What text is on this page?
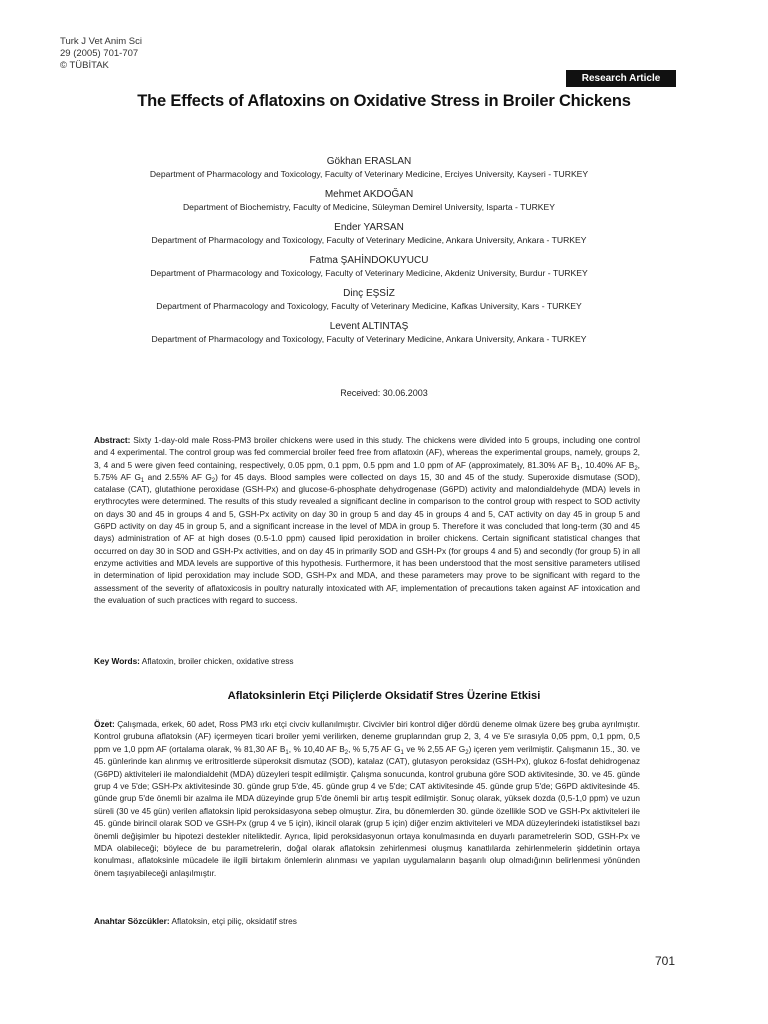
Turk J Vet Anim Sci
29 (2005) 701-707
© TÜBİTAK
Research Article
The Effects of Aflatoxins on Oxidative Stress in Broiler Chickens
Gökhan ERASLAN
Department of Pharmacology and Toxicology, Faculty of Veterinary Medicine, Erciyes University, Kayseri - TURKEY
Mehmet AKDOĞAN
Department of Biochemistry, Faculty of Medicine, Süleyman Demirel University, Isparta - TURKEY
Ender YARSAN
Department of Pharmacology and Toxicology, Faculty of Veterinary Medicine, Ankara University, Ankara - TURKEY
Fatma ŞAHİNDOKUYUCU
Department of Pharmacology and Toxicology, Faculty of Veterinary Medicine, Akdeniz University, Burdur - TURKEY
Dinç EŞSİZ
Department of Pharmacology and Toxicology, Faculty of Veterinary Medicine, Kafkas University, Kars - TURKEY
Levent ALTINTAŞ
Department of Pharmacology and Toxicology, Faculty of Veterinary Medicine, Ankara University, Ankara - TURKEY
Received: 30.06.2003
Abstract: Sixty 1-day-old male Ross-PM3 broiler chickens were used in this study. The chickens were divided into 5 groups, including one control and 4 experimental. The control group was fed commercial broiler feed free from aflatoxin (AF), whereas the experimental groups, namely, groups 2, 3, 4 and 5 were given feed containing, respectively, 0.05 ppm, 0.1 ppm, 0.5 ppm and 1.0 ppm of AF (approximately, 81.30% AF $B_1$, 10.40% AF $B_2$, 5.75% AF $G_1$ and 2.55% AF $G_2$) for 45 days. Blood samples were collected on days 15, 30 and 45 of the study. Superoxide dismutase (SOD), catalase (CAT), glutathione peroxidase (GSH-Px) and glucose-6-phosphate dehydrogenase (G6PD) activity and malondialdehyde (MDA) levels in erythrocytes were determined. The results of this study revealed a significant decline in comparison to the control group with respect to SOD activity on days 30 and 45 in groups 4 and 5, GSH-Px activity on day 30 in group 5 and day 45 in groups 4 and 5, CAT activity on day 45 in group 5 and G6PD activity on day 45 in group 5, and a significant increase in the level of MDA in group 5. Therefore it was concluded that long-term (30 and 45 days) administration of AF at high doses (0.5-1.0 ppm) caused lipid peroxidation in broiler chickens. Certain significant statistical changes that occurred on day 30 in SOD and GSH-Px activities, and on day 45 in primarily SOD and GSH-Px (for groups 4 and 5) and secondly (for group 5) in all enzyme activities and MDA levels are supportive of this hypothesis. Furthermore, it has been understood that the most sensitive parameters utilised in determination of lipid peroxidation may include SOD, GSH-Px and MDA, and these parameters may prove to be significant with regard to the assessment of the severity of aflatoxicosis in poultry naturally intoxicated with AF, implementation of precautions taken against AF intoxication and the evaluation of such practices with regard to success.
Key Words: Aflatoxin, broiler chicken, oxidative stress
Aflatoksinlerin Etçi Piliçlerde Oksidatif Stres Üzerine Etkisi
Özet: Çalışmada, erkek, 60 adet, Ross PM3 ırkı etçi civciv kullanılmıştır. Civcivler biri kontrol diğer dördü deneme olmak üzere beş gruba ayrılmıştır. Kontrol grubuna aflatoksin (AF) içermeyen ticari broiler yemi verilirken, deneme gruplarından grup 2, 3, 4 ve 5'e sırasıyla 0,05 ppm, 0,1 ppm, 0,5 ppm ve 1,0 ppm AF (ortalama olarak, % 81,30 AF $B_1$, % 10,40 AF $B_2$, % 5,75 AF $G_1$ ve % 2,55 AF $G_2$) içeren yem verilmiştir. Çalışmanın 15., 30. ve 45. günlerinde kan alınmış ve eritrositlerde süperoksit dismutaz (SOD), katalaz (CAT), glutasyon peroksidaz (GSH-Px), glukoz 6-fosfat dehidrogenaz (G6PD) aktiviteleri ile malondialdehit (MDA) düzeyleri tespit edilmiştir. Çalışma sonucunda, kontrol grubuna göre SOD aktivitesinde, 30. ve 45. günde grup 4 ve 5'de; GSH-Px aktivitesinde 30. günde grup 5'de, 45. günde grup 4 ve 5'de; CAT aktivitesinde 45. günde grup 5'de; G6PD aktivitesinde 45. günde grup 5'de önemli bir azalma ile MDA düzeyinde grup 5'de önemli bir artış tespit edilmiştir. Sonuç olarak, yüksek dozda (0,5-1,0 ppm) ve uzun süreli (30 ve 45 gün) verilen aflatoksin lipid peroksidasyona sebep olmuştur. Zira, bu dönemlerden 30. günde özellikle SOD ve GSH-Px aktiviteleri ile 45. günde birincil olarak SOD ve GSH-Px (grup 4 ve 5 için), ikincil olarak (grup 5 için) diğer enzim aktiviteleri ve MDA düzeylerindeki istatistiksel bazı önemli değişimler bu hipotezi destekler niteliktedir. Ayrıca, lipid peroksidasyonun ortaya konulmasında en duyarlı parametrelerin SOD, GSH-Px ve MDA olabileceği; böylece de bu parametrelerin, doğal olarak aflatoksin zehirlenmesi oluşmuş kanatlılarda zehirlenmelerin şiddetinin ortaya konulması, aflatoksinle mücadele ile ilgili birtakım önlemlerin alınması ve yapılan uygulamaların başarılı olup olmadığının belirlenmesi yönünden önem taşıyabileceği anlaşılmıştır.
Anahtar Sözcükler: Aflatoksin, etçi piliç, oksidatif stres
701
